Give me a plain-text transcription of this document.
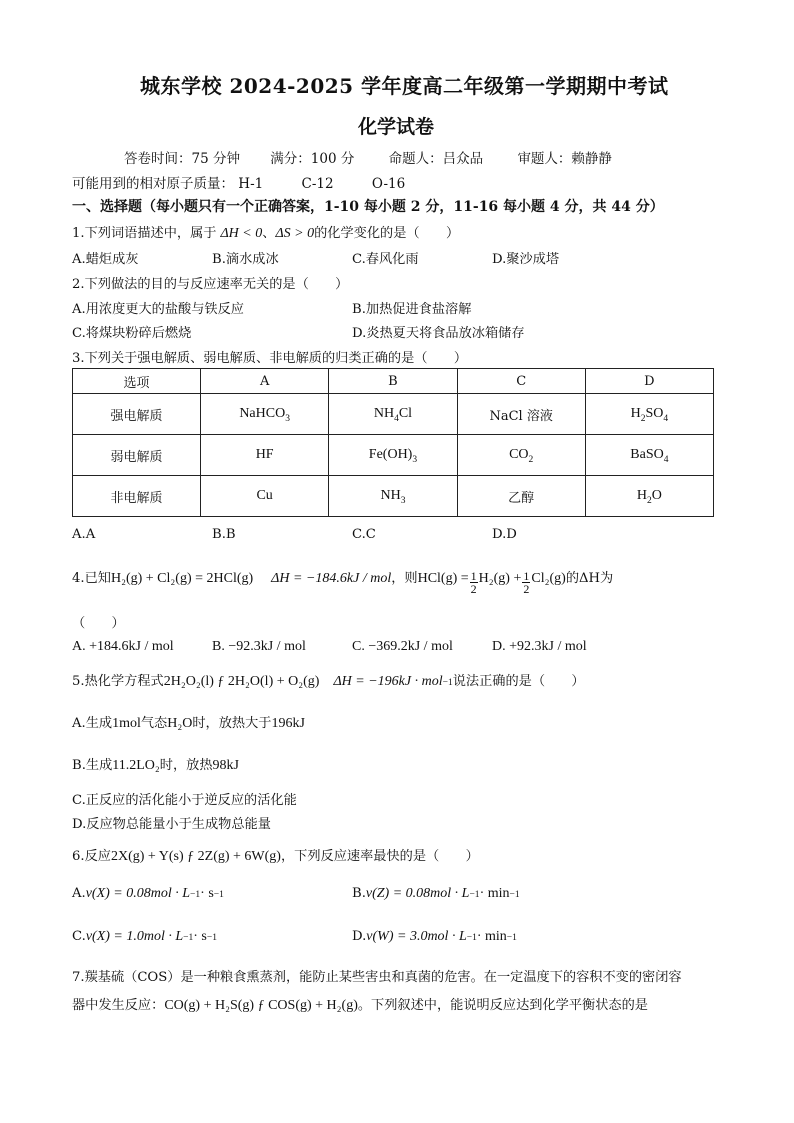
城东学校 2024-2025 学年度高二年级第一学期期中考试
化学试卷
答卷时间：75 分钟 满分：100 分	命题人：吕众品	审题人：赖静静
可能用到的相对原子质量： H-1	C-12	O-16
一、选择题（每小题只有一个正确答案，1-10 每小题 2 分，11-16 每小题 4 分，共 44 分）
1.下列词语描述中，属于 ΔH < 0 、 ΔS > 0 的化学变化的是（　　）
A.蜡炬成灰	B.滴水成冰	C.春风化雨	D.聚沙成塔
2.下列做法的目的与反应速率无关的是（　　）
A.用浓度更大的盐酸与铁反应	B.加热促进食盐溶解
C.将煤块粉碎后燃烧	D.炎热夏天将食品放冰箱储存
3.下列关于强电解质、弱电解质、非电解质的归类正确的是（　　）
选项	A	B	C	D
强电解质	NaHCO$_3$	$NH_4Cl$	NaCl 溶液	$H_2SO_4$
弱电解质	HF	$Fe(OH)_3$	$CO_2$	BaSO$_4$
非电解质	Cu	$NH_3$	乙醇	$H_2O$
A.A	B.B	C.C	D.D
4.已知 H₂(g) + Cl₂(g) = 2HCl(g) ΔH = −184.6kJ / mol ，则 $HCl(g) = \frac{1}{2} H_2(g) + \frac{1}{2} Cl_2(g)$ 的ΔH为
（　　）
A. +184.6kJ / mol	B. −92.3kJ / mol	C. −369.2kJ / mol	D. +92.3kJ / mol
5.热化学方程式 2H₂O₂(l) ƒ 2H₂O(l) + O₂(g) ΔH = −196kJ · mol −1 说法正确的是（　　）
A.生成 1mol 气态 H₂O 时，放热大于 196kJ
B.生成 11.2LO₂ 时，放热 98kJ
C.正反应的活化能小于逆反应的活化能
D.反应物总能量小于生成物总能量
6.反应 2X(g) + Y(s) ƒ 2Z(g) + 6W(g) ，下列反应速率最快的是（　　）
A. v(X) = 0.08mol · L −1 · s −1	B. v(Z) = 0.08mol · L −1 · min −1
C. v(X) = 1.0mol · L −1 · s −1	D. v(W) = 3.0mol · L −1 · min −1
7.羰基硫（COS）是一种粮食熏蒸剂，能防止某些害虫和真菌的危害。在一定温度下的容积不变的密闭容
器中发生反应： CO(g) + H₂S(g) ƒ COS(g) + H₂(g) 。下列叙述中，能说明反应达到化学平衡状态的是
